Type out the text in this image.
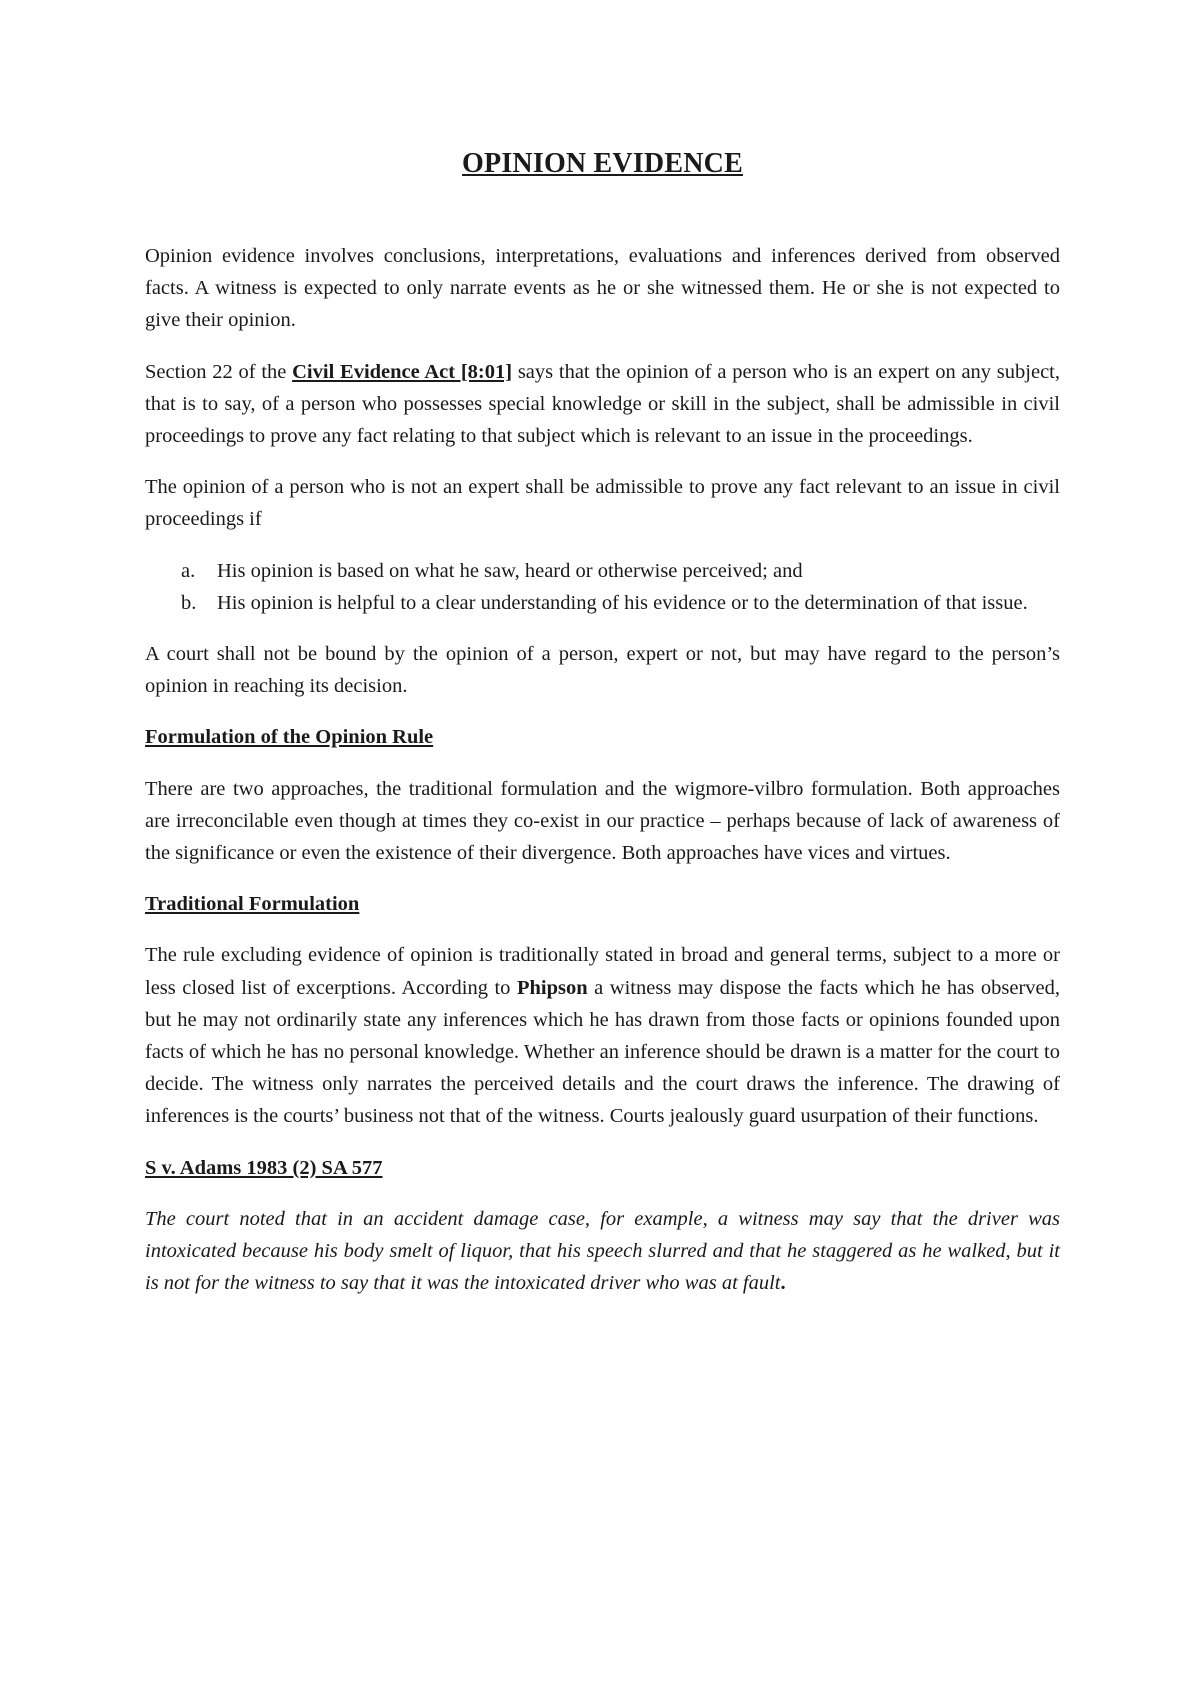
OPINION EVIDENCE

Opinion evidence involves conclusions, interpretations, evaluations and inferences derived from observed facts. A witness is expected to only narrate events as he or she witnessed them. He or she is not expected to give their opinion.

Section 22 of the Civil Evidence Act [8:01] says that the opinion of a person who is an expert on any subject, that is to say, of a person who possesses special knowledge or skill in the subject, shall be admissible in civil proceedings to prove any fact relating to that subject which is relevant to an issue in the proceedings.

The opinion of a person who is not an expert shall be admissible to prove any fact relevant to an issue in civil proceedings if

a. His opinion is based on what he saw, heard or otherwise perceived; and
b. His opinion is helpful to a clear understanding of his evidence or to the determination of that issue.

A court shall not be bound by the opinion of a person, expert or not, but may have regard to the person’s opinion in reaching its decision.

Formulation of the Opinion Rule

There are two approaches, the traditional formulation and the wigmore-vilbro formulation. Both approaches are irreconcilable even though at times they co-exist in our practice – perhaps because of lack of awareness of the significance or even the existence of their divergence. Both approaches have vices and virtues.

Traditional Formulation

The rule excluding evidence of opinion is traditionally stated in broad and general terms, subject to a more or less closed list of excerptions. According to Phipson a witness may dispose the facts which he has observed, but he may not ordinarily state any inferences which he has drawn from those facts or opinions founded upon facts of which he has no personal knowledge. Whether an inference should be drawn is a matter for the court to decide. The witness only narrates the perceived details and the court draws the inference. The drawing of inferences is the courts’ business not that of the witness. Courts jealously guard usurpation of their functions.

S v. Adams 1983 (2) SA 577

The court noted that in an accident damage case, for example, a witness may say that the driver was intoxicated because his body smelt of liquor, that his speech slurred and that he staggered as he walked, but it is not for the witness to say that it was the intoxicated driver who was at fault.
